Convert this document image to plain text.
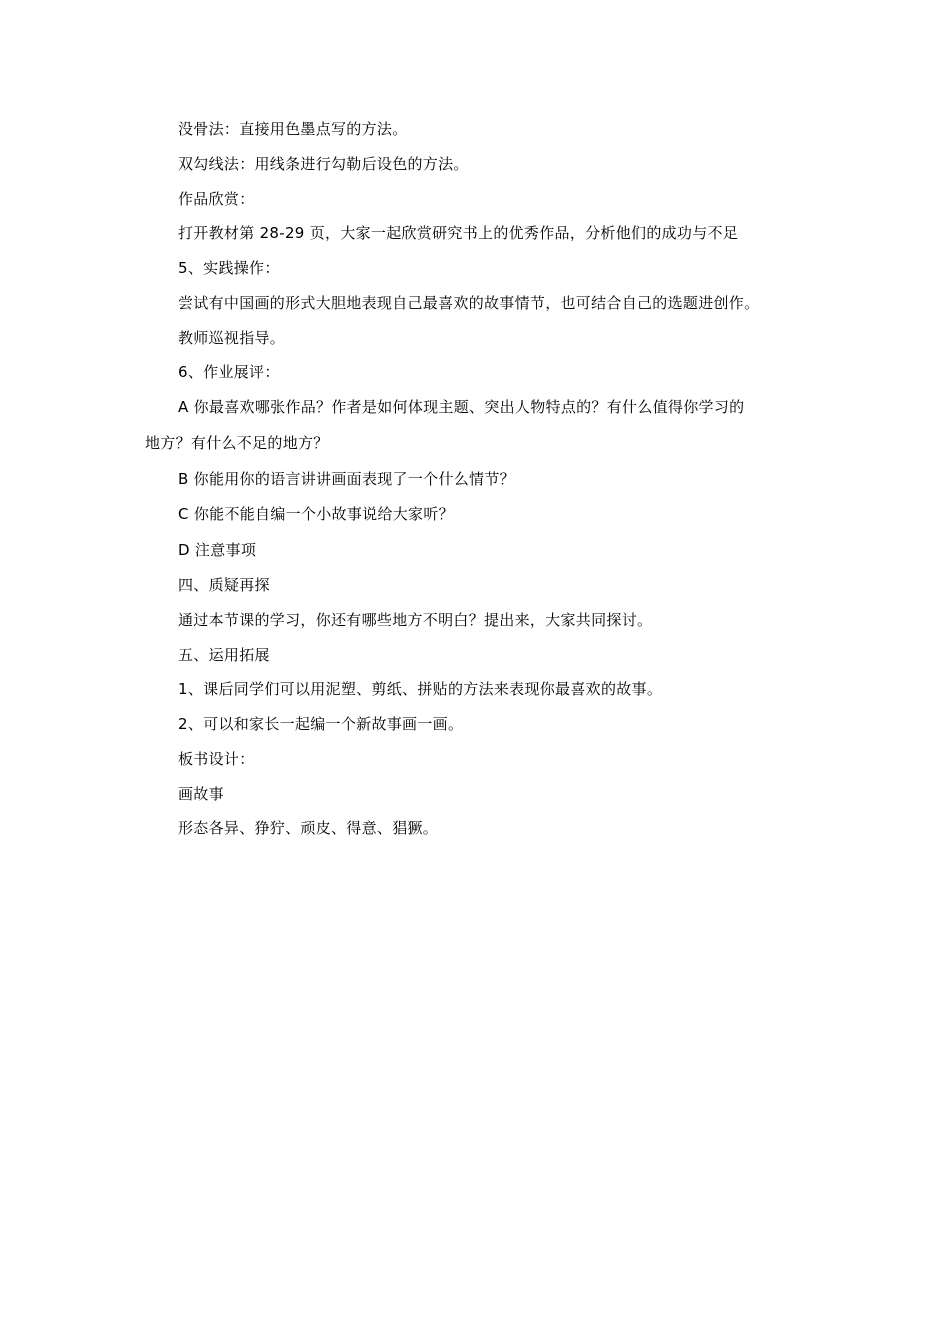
没骨法：直接用色墨点写的方法。
双勾线法：用线条进行勾勒后设色的方法。
作品欣赏：
打开教材第 28-29 页，大家一起欣赏研究书上的优秀作品，分析他们的成功与不足
5、实践操作：
尝试有中国画的形式大胆地表现自己最喜欢的故事情节，也可结合自己的选题进创作。
教师巡视指导。
6、作业展评：
A 你最喜欢哪张作品？作者是如何体现主题、突出人物特点的？有什么值得你学习的
地方？有什么不足的地方？
B 你能用你的语言讲讲画面表现了一个什么情节？
C 你能不能自编一个小故事说给大家听？
D 注意事项
四、质疑再探
通过本节课的学习，你还有哪些地方不明白？提出来，大家共同探讨。
五、运用拓展
1、课后同学们可以用泥塑、剪纸、拼贴的方法来表现你最喜欢的故事。
2、可以和家长一起编一个新故事画一画。
板书设计：
画故事
形态各异、狰狞、顽皮、得意、猖獗。
